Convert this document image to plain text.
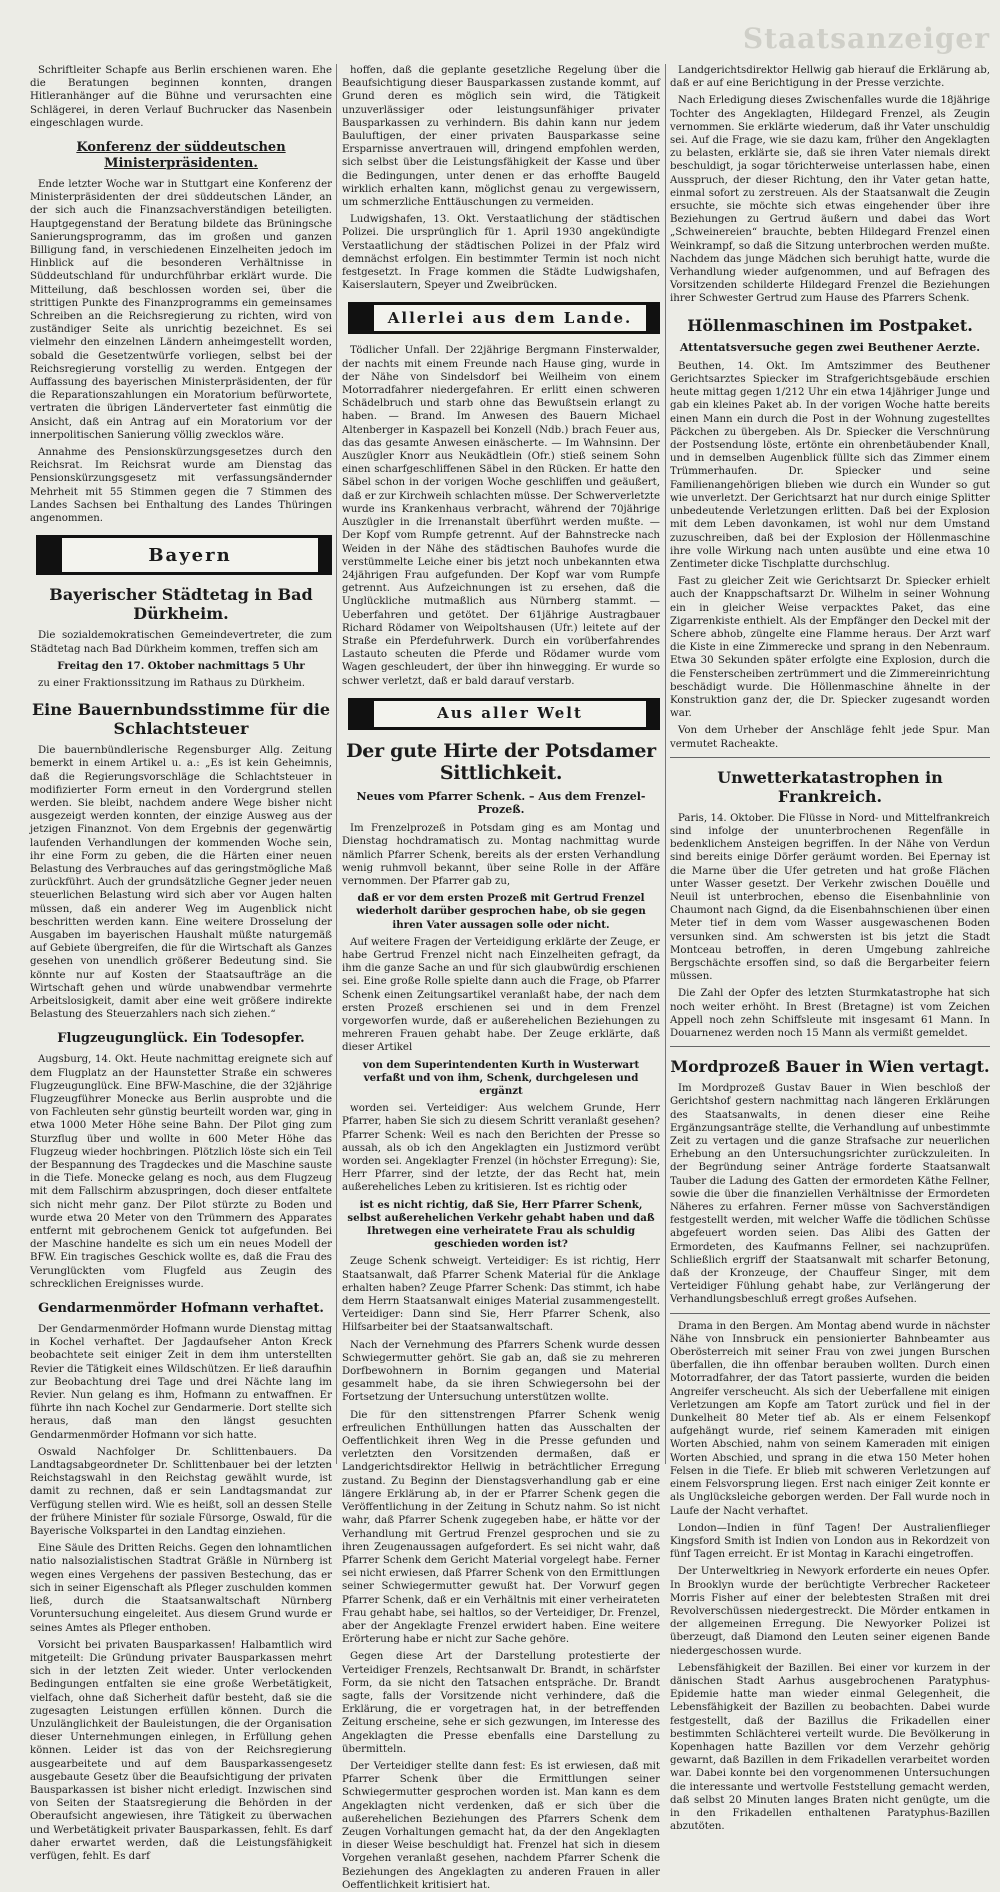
Staatsanzeiger

Schriftleiter Schapfe aus Berlin erschienen waren. Ehe die Beratungen beginnen konnten, drangen Hitleranhänger auf die Bühne und verursachten eine Schlägerei, in deren Verlauf Buchrucker das Nasenbein eingeschlagen wurde.

Konferenz der süddeutschen Ministerpräsidenten.

Ende letzter Woche war in Stuttgart eine Konferenz der Ministerpräsidenten der drei süddeutschen Länder, an der sich auch die Finanzsachverständigen beteiligten. Hauptgegenstand der Beratung bildete das Brüningsche Sanierungsprogramm, das im großen und ganzen Billigung fand, in verschiedenen Einzelheiten jedoch im Hinblick auf die besonderen Verhältnisse in Süddeutschland für undurchführbar erklärt wurde. Die Mitteilung, daß beschlossen worden sei, über die strittigen Punkte des Finanzprogramms ein gemeinsames Schreiben an die Reichsregierung zu richten, wird von zuständiger Seite als unrichtig bezeichnet. Es sei vielmehr den einzelnen Ländern anheimgestellt worden, sobald die Gesetzentwürfe vorliegen, selbst bei der Reichsregierung vorstellig zu werden. Entgegen der Auffassung des bayerischen Ministerpräsidenten, der für die Reparationszahlungen ein Moratorium befürwortete, vertraten die übrigen Länderverteter fast einmütig die Ansicht, daß ein Antrag auf ein Moratorium vor der innerpolitischen Sanierung völlig zwecklos wäre.

Annahme des Pensionskürzungsgesetzes durch den Reichsrat. Im Reichsrat wurde am Dienstag das Pensionskürzungsgesetz mit verfassungsändernder Mehrheit mit 55 Stimmen gegen die 7 Stimmen des Landes Sachsen bei Enthaltung des Landes Thüringen angenommen.

Bayern
Bayerischer Städtetag in Bad Dürkheim.

Die sozialdemokratischen Gemeindevertreter, die zum Städtetag nach Bad Dürkheim kommen, treffen sich am

Freitag den 17. Oktober nachmittags 5 Uhr

zu einer Fraktionssitzung im Rathaus zu Dürkheim.

Eine Bauernbundsstimme für die Schlachtsteuer

Die bauernbündlerische Regensburger Allg. Zeitung bemerkt in einem Artikel u. a.: „Es ist kein Geheimnis, daß die Regierungsvorschläge die Schlachtsteuer in modifizierter Form erneut in den Vordergrund stellen werden. Sie bleibt, nachdem andere Wege bisher nicht ausgezeigt werden konnten, der einzige Ausweg aus der jetzigen Finanznot. Von dem Ergebnis der gegenwärtig laufenden Verhandlungen der kommenden Woche sein, ihr eine Form zu geben, die die Härten einer neuen Belastung des Verbrauches auf das geringstmögliche Maß zurückführt. Auch der grundsätzliche Gegner jeder neuen steuerlichen Belastung wird sich aber vor Augen halten müssen, daß ein anderer Weg im Augenblick nicht beschritten werden kann. Eine weitere Drosselung der Ausgaben im bayerischen Haushalt müßte naturgemäß auf Gebiete übergreifen, die für die Wirtschaft als Ganzes gesehen von unendlich größerer Bedeutung sind. Sie könnte nur auf Kosten der Staatsaufträge an die Wirtschaft gehen und würde unabwendbar vermehrte Arbeitslosigkeit, damit aber eine weit größere indirekte Belastung des Steuerzahlers nach sich ziehen.“

Flugzeugunglück. Ein Todesopfer.

Augsburg, 14. Okt. Heute nachmittag ereignete sich auf dem Flugplatz an der Haunstetter Straße ein schweres Flugzeugunglück. Eine BFW-Maschine, die der 32jährige Flugzeugführer Monecke aus Berlin ausprobte und die von Fachleuten sehr günstig beurteilt worden war, ging in etwa 1000 Meter Höhe seine Bahn. Der Pilot ging zum Sturzflug über und wollte in 600 Meter Höhe das Flugzeug wieder hochbringen. Plötzlich löste sich ein Teil der Bespannung des Tragdeckes und die Maschine sauste in die Tiefe. Monecke gelang es noch, aus dem Flugzeug mit dem Fallschirm abzuspringen, doch dieser entfaltete sich nicht mehr ganz. Der Pilot stürzte zu Boden und wurde etwa 20 Meter von den Trümmern des Apparates entfernt mit gebrochenem Genick tot aufgefunden. Bei der Maschine handelte es sich um ein neues Modell der BFW. Ein tragisches Geschick wollte es, daß die Frau des Verunglückten vom Flugfeld aus Zeugin des schrecklichen Ereignisses wurde.

Gendarmenmörder Hofmann verhaftet.

Der Gendarmenmörder Hofmann wurde Dienstag mittag in Kochel verhaftet. Der Jagdaufseher Anton Kreck beobachtete seit einiger Zeit in dem ihm unterstellten Revier die Tätigkeit eines Wildschützen. Er ließ daraufhin zur Beobachtung drei Tage und drei Nächte lang im Revier. Nun gelang es ihm, Hofmann zu entwaffnen. Er führte ihn nach Kochel zur Gendarmerie. Dort stellte sich heraus, daß man den längst gesuchten Gendarmenmörder Hofmann vor sich hatte.

Oswald Nachfolger Dr. Schlittenbauers. Da Landtagsabgeordneter Dr. Schlittenbauer bei der letzten Reichstagswahl in den Reichstag gewählt wurde, ist damit zu rechnen, daß er sein Landtagsmandat zur Verfügung stellen wird. Wie es heißt, soll an dessen Stelle der frühere Minister für soziale Fürsorge, Oswald, für die Bayerische Volkspartei in den Landtag einziehen.

Eine Säule des Dritten Reichs. Gegen den lohnamtlichen natio nalsozialistischen Stadtrat Gräßle in Nürnberg ist wegen eines Vergehens der passiven Bestechung, das er sich in seiner Eigenschaft als Pfleger zuschulden kommen ließ, durch die Staatsanwaltschaft Nürnberg Voruntersuchung eingeleitet. Aus diesem Grund wurde er seines Amtes als Pfleger enthoben.

Vorsicht bei privaten Bausparkassen! Halbamtlich wird mitgeteilt: Die Gründung privater Bausparkassen mehrt sich in der letzten Zeit wieder. Unter verlockenden Bedingungen entfalten sie eine große Werbetätigkeit, vielfach, ohne daß Sicherheit dafür besteht, daß sie die zugesagten Leistungen erfüllen können. Durch die Unzulänglichkeit der Bauleistungen, die der Organisation dieser Unternehmungen einlegen, in Erfüllung gehen können. Leider ist das von der Reichsregierung ausgearbeitete und auf dem Bausparkassengesetz ausgebaute Gesetz über die Beaufsichtigung der privaten Bausparkassen ist bisher nicht erledigt. Inzwischen sind von Seiten der Staatsregierung die Behörden in der Oberaufsicht angewiesen, ihre Tätigkeit zu überwachen und Werbetätigkeit privater Bausparkassen, fehlt. Es darf daher erwartet werden, daß die Leistungsfähigkeit verfügen, fehlt. Es darf

hoffen, daß die geplante gesetzliche Regelung über die Beaufsichtigung dieser Bausparkassen zustande kommt, auf Grund deren es möglich sein wird, die Tätigkeit unzuverlässiger oder leistungsunfähiger privater Bausparkassen zu verhindern. Bis dahin kann nur jedem Bauluftigen, der einer privaten Bausparkasse seine Ersparnisse anvertrauen will, dringend empfohlen werden, sich selbst über die Leistungsfähigkeit der Kasse und über die Bedingungen, unter denen er das erhoffte Baugeld wirklich erhalten kann, möglichst genau zu vergewissern, um schmerzliche Enttäuschungen zu vermeiden.

Ludwigshafen, 13. Okt. Verstaatlichung der städtischen Polizei. Die ursprünglich für 1. April 1930 angekündigte Verstaatlichung der städtischen Polizei in der Pfalz wird demnächst erfolgen. Ein bestimmter Termin ist noch nicht festgesetzt. In Frage kommen die Städte Ludwigshafen, Kaiserslautern, Speyer und Zweibrücken.

Allerlei aus dem Lande.

Tödlicher Unfall. Der 22jährige Bergmann Finsterwalder, der nachts mit einem Freunde nach Hause ging, wurde in der Nähe von Sindelsdorf bei Weilheim von einem Motorradfahrer niedergefahren. Er erlitt einen schweren Schädelbruch und starb ohne das Bewußtsein erlangt zu haben. — Brand. Im Anwesen des Bauern Michael Altenberger in Kaspazell bei Konzell (Ndb.) brach Feuer aus, das das gesamte Anwesen einäscherte. — Im Wahnsinn. Der Auszügler Knorr aus Neukädtlein (Ofr.) stieß seinem Sohn einen scharfgeschliffenen Säbel in den Rücken. Er hatte den Säbel schon in der vorigen Woche geschliffen und geäußert, daß er zur Kirchweih schlachten müsse. Der Schwerverletzte wurde ins Krankenhaus verbracht, während der 70jährige Auszügler in die Irrenanstalt überführt werden mußte. — Der Kopf vom Rumpfe getrennt. Auf der Bahnstrecke nach Weiden in der Nähe des städtischen Bauhofes wurde die verstümmelte Leiche einer bis jetzt noch unbekannten etwa 24jährigen Frau aufgefunden. Der Kopf war vom Rumpfe getrennt. Aus Aufzeichnungen ist zu ersehen, daß die Unglückliche mutmaßlich aus Nürnberg stammt. — Ueberfahren und getötet. Der 61jährige Austragbauer Richard Rödamer von Weipoltshausen (Ufr.) leitete auf der Straße ein Pferdefuhrwerk. Durch ein vorüberfahrendes Lastauto scheuten die Pferde und Rödamer wurde vom Wagen geschleudert, der über ihn hinwegging. Er wurde so schwer verletzt, daß er bald darauf verstarb.

Aus aller Welt
Der gute Hirte der Potsdamer Sittlichkeit.
Neues vom Pfarrer Schenk. – Aus dem Frenzel-Prozeß.

Im Frenzelprozeß in Potsdam ging es am Montag und Dienstag hochdramatisch zu. Montag nachmittag wurde nämlich Pfarrer Schenk, bereits als der ersten Verhandlung wenig ruhmvoll bekannt, über seine Rolle in der Affäre vernommen. Der Pfarrer gab zu,

daß er vor dem ersten Prozeß mit Gertrud Frenzel wiederholt darüber gesprochen habe, ob sie gegen ihren Vater aussagen solle oder nicht.

Auf weitere Fragen der Verteidigung erklärte der Zeuge, er habe Gertrud Frenzel nicht nach Einzelheiten gefragt, da ihm die ganze Sache an und für sich glaubwürdig erschienen sei. Eine große Rolle spielte dann auch die Frage, ob Pfarrer Schenk einen Zeitungsartikel veranlaßt habe, der nach dem ersten Prozeß erschienen sei und in dem Frenzel vorgeworfen wurde, daß er außerehelichen Beziehungen zu mehreren Frauen gehabt habe. Der Zeuge erklärte, daß dieser Artikel

von dem Superintendenten Kurth in Wusterwart verfaßt und von ihm, Schenk, durchgelesen und ergänzt

worden sei. Verteidiger: Aus welchem Grunde, Herr Pfarrer, haben Sie sich zu diesem Schritt veranlaßt gesehen? Pfarrer Schenk: Weil es nach den Berichten der Presse so aussah, als ob ich den Angeklagten ein Justizmord verübt worden sei. Angeklagter Frenzel (in höchster Erregung): Sie, Herr Pfarrer, sind der letzte, der das Recht hat, mein außereheliches Leben zu kritisieren. Ist es richtig oder

ist es nicht richtig, daß Sie, Herr Pfarrer Schenk, selbst außerehelichen Verkehr gehabt haben und daß Ihretwegen eine verheiratete Frau als schuldig geschieden worden ist?

Zeuge Schenk schweigt. Verteidiger: Es ist richtig, Herr Staatsanwalt, daß Pfarrer Schenk Material für die Anklage erhalten haben? Zeuge Pfarrer Schenk: Das stimmt, ich habe dem Herrn Staatsanwalt einiges Material zusammengestellt. Verteidiger: Dann sind Sie, Herr Pfarrer Schenk, also Hilfsarbeiter bei der Staatsanwaltschaft.

Nach der Vernehmung des Pfarrers Schenk wurde dessen Schwiegermutter gehört. Sie gab an, daß sie zu mehreren Dorfbewohnern in Bornim gegangen und Material gesammelt habe, da sie ihren Schwiegersohn bei der Fortsetzung der Untersuchung unterstützen wollte.

Die für den sittenstrengen Pfarrer Schenk wenig erfreulichen Enthüllungen hatten das Ausschalten der Oeffentlichkeit ihren Weg in die Presse gefunden und verletzten den Vorsitzenden dermaßen, daß er Landgerichtsdirektor Hellwig in beträchtlicher Erregung zustand. Zu Beginn der Dienstagsverhandlung gab er eine längere Erklärung ab, in der er Pfarrer Schenk gegen die Veröffentlichung in der Zeitung in Schutz nahm. So ist nicht wahr, daß Pfarrer Schenk zugegeben habe, er hätte vor der Verhandlung mit Gertrud Frenzel gesprochen und sie zu ihren Zeugenaussagen aufgefordert. Es sei nicht wahr, daß Pfarrer Schenk dem Gericht Material vorgelegt habe. Ferner sei nicht erwiesen, daß Pfarrer Schenk von den Ermittlungen seiner Schwiegermutter gewußt hat. Der Vorwurf gegen Pfarrer Schenk, daß er ein Verhältnis mit einer verheirateten Frau gehabt habe, sei haltlos, so der Verteidiger, Dr. Frenzel, aber der Angeklagte Frenzel erwidert haben. Eine weitere Erörterung habe er nicht zur Sache gehöre.

Gegen diese Art der Darstellung protestierte der Verteidiger Frenzels, Rechtsanwalt Dr. Brandt, in schärfster Form, da sie nicht den Tatsachen entspräche. Dr. Brandt sagte, falls der Vorsitzende nicht verhindere, daß die Erklärung, die er vorgetragen hat, in der betreffenden Zeitung erscheine, sehe er sich gezwungen, im Interesse des Angeklagten die Presse ebenfalls eine Darstellung zu übermitteln.

Der Verteidiger stellte dann fest: Es ist erwiesen, daß mit Pfarrer Schenk über die Ermittlungen seiner Schwiegermutter gesprochen worden ist. Man kann es dem Angeklagten nicht verdenken, daß er sich über die außerehelichen Beziehungen des Pfarrers Schenk dem Zeugen Vorhaltungen gemacht hat, da der den Angeklagten in dieser Weise beschuldigt hat. Frenzel hat sich in diesem Vorgehen veranlaßt gesehen, nachdem Pfarrer Schenk die Beziehungen des Angeklagten zu anderen Frauen in aller Oeffentlichkeit kritisiert hat.

Landgerichtsdirektor Hellwig gab hierauf die Erklärung ab, daß er auf eine Berichtigung in der Presse verzichte.

Nach Erledigung dieses Zwischenfalles wurde die 18jährige Tochter des Angeklagten, Hildegard Frenzel, als Zeugin vernommen. Sie erklärte wiederum, daß ihr Vater unschuldig sei. Auf die Frage, wie sie dazu kam, früher den Angeklagten zu belasten, erklärte sie, daß sie ihren Vater niemals direkt beschuldigt, ja sogar törichterweise unterlassen habe, einen Ausspruch, der dieser Richtung, den ihr Vater getan hatte, einmal sofort zu zerstreuen. Als der Staatsanwalt die Zeugin ersuchte, sie möchte sich etwas eingehender über ihre Beziehungen zu Gertrud äußern und dabei das Wort „Schweinereien“ brauchte, bebten Hildegard Frenzel einen Weinkrampf, so daß die Sitzung unterbrochen werden mußte. Nachdem das junge Mädchen sich beruhigt hatte, wurde die Verhandlung wieder aufgenommen, und auf Befragen des Vorsitzenden schilderte Hildegard Frenzel die Beziehungen ihrer Schwester Gertrud zum Hause des Pfarrers Schenk.

Höllenmaschinen im Postpaket.
Attentatsversuche gegen zwei Beuthener Aerzte.

Beuthen, 14. Okt. Im Amtszimmer des Beuthener Gerichtsarztes Spiecker im Strafgerichtsgebäude erschien heute mittag gegen 1/212 Uhr ein etwa 14jähriger Junge und gab ein kleines Paket ab. In der vorigen Woche hatte bereits einen Mann ein durch die Post in der Wohnung zugestelltes Päckchen zu übergeben. Als Dr. Spiecker die Verschnürung der Postsendung löste, ertönte ein ohrenbetäubender Knall, und in demselben Augenblick füllte sich das Zimmer einem Trümmerhaufen. Dr. Spiecker und seine Familienangehörigen blieben wie durch ein Wunder so gut wie unverletzt. Der Gerichtsarzt hat nur durch einige Splitter unbedeutende Verletzungen erlitten. Daß bei der Explosion mit dem Leben davonkamen, ist wohl nur dem Umstand zuzuschreiben, daß bei der Explosion der Höllenmaschine ihre volle Wirkung nach unten ausübte und eine etwa 10 Zentimeter dicke Tischplatte durchschlug.

Fast zu gleicher Zeit wie Gerichtsarzt Dr. Spiecker erhielt auch der Knappschaftsarzt Dr. Wilhelm in seiner Wohnung ein in gleicher Weise verpacktes Paket, das eine Zigarrenkiste enthielt. Als der Empfänger den Deckel mit der Schere abhob, züngelte eine Flamme heraus. Der Arzt warf die Kiste in eine Zimmerecke und sprang in den Nebenraum. Etwa 30 Sekunden später erfolgte eine Explosion, durch die die Fensterscheiben zertrümmert und die Zimmereinrichtung beschädigt wurde. Die Höllenmaschine ähnelte in der Konstruktion ganz der, die Dr. Spiecker zugesandt worden war.

Von dem Urheber der Anschläge fehlt jede Spur. Man vermutet Racheakte.

Unwetterkatastrophen in Frankreich.

Paris, 14. Oktober. Die Flüsse in Nord- und Mittelfrankreich sind infolge der ununterbrochenen Regenfälle in bedenklichem Ansteigen begriffen. In der Nähe von Verdun sind bereits einige Dörfer geräumt worden. Bei Epernay ist die Marne über die Ufer getreten und hat große Flächen unter Wasser gesetzt. Der Verkehr zwischen Douëlle und Neuil ist unterbrochen, ebenso die Eisenbahnlinie von Chaumont nach Gignd, da die Eisenbahnschienen über einen Meter tief in dem vom Wasser ausgewaschenen Boden versunken sind. Am schwersten ist bis jetzt die Stadt Montceau betroffen, in deren Umgebung zahlreiche Bergschächte ersoffen sind, so daß die Bergarbeiter feiern müssen.

Die Zahl der Opfer des letzten Sturmkatastrophe hat sich noch weiter erhöht. In Brest (Bretagne) ist vom Zeichen Appell noch zehn Schiffsleute mit insgesamt 61 Mann. In Douarnenez werden noch 15 Mann als vermißt gemeldet.

Mordprozeß Bauer in Wien vertagt.

Im Mordprozeß Gustav Bauer in Wien beschloß der Gerichtshof gestern nachmittag nach längeren Erklärungen des Staatsanwalts, in denen dieser eine Reihe Ergänzungsanträge stellte, die Verhandlung auf unbestimmte Zeit zu vertagen und die ganze Strafsache zur neuerlichen Erhebung an den Untersuchungsrichter zurückzuleiten. In der Begründung seiner Anträge forderte Staatsanwalt Tauber die Ladung des Gatten der ermordeten Käthe Fellner, sowie die über die finanziellen Verhältnisse der Ermordeten Näheres zu erfahren. Ferner müsse von Sachverständigen festgestellt werden, mit welcher Waffe die tödlichen Schüsse abgefeuert worden seien. Das Alibi des Gatten der Ermordeten, des Kaufmanns Fellner, sei nachzuprüfen. Schließlich ergriff der Staatsanwalt mit scharfer Betonung, daß der Kronzeuge, der Chauffeur Singer, mit dem Verteidiger Fühlung gehabt habe, zur Verlängerung der Verhandlungsbeschluß erregt großes Aufsehen.

Drama in den Bergen. Am Montag abend wurde in nächster Nähe von Innsbruck ein pensionierter Bahnbeamter aus Oberösterreich mit seiner Frau von zwei jungen Burschen überfallen, die ihn offenbar berauben wollten. Durch einen Motorradfahrer, der das Tatort passierte, wurden die beiden Angreifer verscheucht. Als sich der Ueberfallene mit einigen Verletzungen am Kopfe am Tatort zurück und fiel in der Dunkelheit 80 Meter tief ab. Als er einem Felsenkopf aufgehängt wurde, rief seinem Kameraden mit einigen Worten Abschied, nahm von seinem Kameraden mit einigen Worten Abschied, und sprang in die etwa 150 Meter hohen Felsen in die Tiefe. Er blieb mit schweren Verletzungen auf einem Felsvorsprung liegen. Erst nach einiger Zeit konnte er als Unglücksleiche geborgen werden. Der Fall wurde noch in Laufe der Nacht verhaftet.

London—Indien in fünf Tagen! Der Australienflieger Kingsford Smith ist Indien von London aus in Rekordzeit von fünf Tagen erreicht. Er ist Montag in Karachi eingetroffen.

Der Unterweltkrieg in Newyork erforderte ein neues Opfer. In Brooklyn wurde der berüchtigte Verbrecher Racketeer Morris Fisher auf einer der belebtesten Straßen mit drei Revolverschüssen niedergestreckt. Die Mörder entkamen in der allgemeinen Erregung. Die Newyorker Polizei ist überzeugt, daß Diamond den Leuten seiner eigenen Bande niedergeschossen wurde.

Lebensfähigkeit der Bazillen. Bei einer vor kurzem in der dänischen Stadt Aarhus ausgebrochenen Paratyphus-Epidemie hatte man wieder einmal Gelegenheit, die Lebensfähigkeit der Bazillen zu beobachten. Dabei wurde festgestellt, daß der Bazillus die Frikadellen einer bestimmten Schlächterei verteilt wurde. Die Bevölkerung in Kopenhagen hatte Bazillen vor dem Verzehr gehörig gewarnt, daß Bazillen in dem Frikadellen verarbeitet worden war. Dabei konnte bei den vorgenommenen Untersuchungen die interessante und wertvolle Feststellung gemacht werden, daß selbst 20 Minuten langes Braten nicht genügte, um die in den Frikadellen enthaltenen Paratyphus-Bazillen abzutöten.
